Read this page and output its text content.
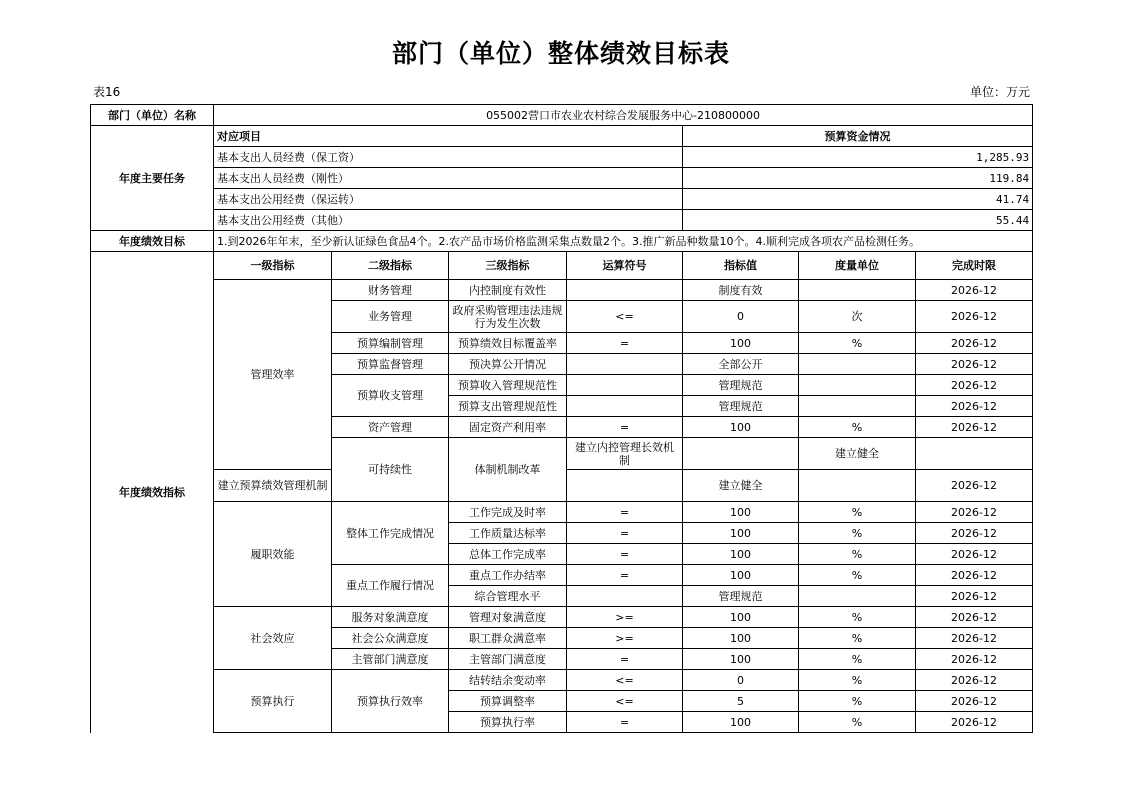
部门（单位）整体绩效目标表
表16	单位：万元
部门（单位）名称	055002营口市农业农村综合发展服务中心-210800000							
年度主要任务	对应项目				预算资金情况			
	基本支出人员经费（保工资）				1,285.93			
	基本支出人员经费（刚性）				119.84			
	基本支出公用经费（保运转）				41.74			
	基本支出公用经费（其他）				55.44			
年度绩效目标	1.到2026年年末，至少新认证绿色食品4个。2.农产品市场价格监测采集点数量2个。3.推广新品种数量10个。4.顺利完成各项农产品检测任务。							
年度绩效指标	一级指标	二级指标	三级指标	运算符号	指标值	度量单位	完成时限	
	管理效率	财务管理	内控制度有效性		制度有效		2026-12	
		业务管理	政府采购管理违法违规行为发生次数	<=	0	次	2026-12	
		预算编制管理	预算绩效目标覆盖率	=	100	%	2026-12	
		预算监督管理	预决算公开情况		全部公开		2026-12	
		预算收支管理	预算收入管理规范性		管理规范		2026-12	
			预算支出管理规范性		管理规范		2026-12	
		资产管理	固定资产利用率	=	100	%	2026-12	
		可持续性	体制机制改革	建立内控管理长效机制		建立健全		
	建立预算绩效管理机制				建立健全		2026-12	
	履职效能	整体工作完成情况	工作完成及时率	=	100	%	2026-12	
			工作质量达标率	=	100	%	2026-12	
			总体工作完成率	=	100	%	2026-12	
		重点工作履行情况	重点工作办结率	=	100	%	2026-12	
			综合管理水平		管理规范		2026-12	
	社会效应	服务对象满意度	管理对象满意度	>=	100	%	2026-12	
		社会公众满意度	职工群众满意率	>=	100	%	2026-12	
		主管部门满意度	主管部门满意度	=	100	%	2026-12	
	预算执行	预算执行效率	结转结余变动率	<=	0	%	2026-12	
			预算调整率	<=	5	%	2026-12	
			预算执行率	=	100	%	2026-12	
